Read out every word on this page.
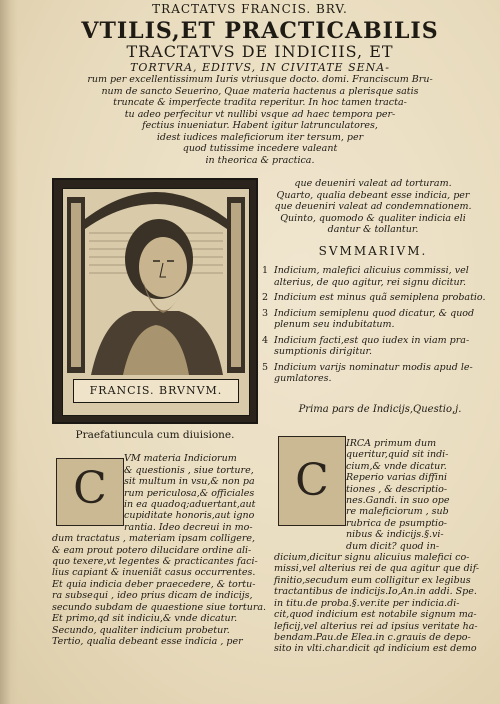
TRACTATVS FRANCIS. BRV.
VTILIS,ET PRACTICABILIS
TRACTATVS DE INDICIIS, ET
TORTVRA, EDITVS, IN CIVITATE SENA-
rum per excellentissimum Iuris vtriusque docto. domi. Franciscum Bru-
num de sancto Seuerino, Quae materia hactenus a plerisque satis
truncate & imperfecte tradita reperitur. In hoc tamen tracta-
tu adeo perfecitur vt nullibi vsque ad haec tempora per-
fectius inueniatur. Habent igitur latrunculatores,
idest iudices maleficiorum iter tersum, per
quod tutissime incedere valeant
in theorica & practica.
FRANCIS. BRVNVM.
que deueniri valeat ad torturam.
Quarto, qualia debeant esse indicia, per
que deueniri valeat ad condemnationem.
Quinto, quomodo & qualiter indicia eli
dantur & tollantur.
SVMMARIVM.
1 Indicium, malefici alicuius commissi, vel
alterius, de quo agitur, rei signu dicitur.
2 Indicium est minus quã semiplena probatio.
3 Indicium semiplenu quod dicatur, & quod
plenum seu indubitatum.
4 Indicium facti,est quo iudex in viam pra-
sumptionis dirigitur.
5 Indicium varijs nominatur modis apud le-
gumlatores.
Prima pars de Indicijs,Questio,j.
Praefatiuncula cum diuisione.
VM materia Indiciorum
& questionis , siue torture,
sit multum in vsu,& non pa
rum periculosa,& officiales
in ea quadoq;aduertant,aut
cupiditate honoris,aut igno
rantia. Ideo decreui in mo-
dum tractatus , materiam ipsam colligere,
& eam prout potero dilucidare ordine ali-
quo texere,vt legentes & practicantes faci-
lius capiant & inueniãt casus occurrentes.
Et quia indicia deber praecedere, & tortu-
ra subsequi , ideo prius dicam de indicijs,
secundo subdam de quaestione siue tortura.
Et primo,qd sit indiciu,& vnde dicatur.
Secundo, qualiter indicium probetur.
Tertio, qualia debeant esse indicia , per
C
IRCA primum dum
queritur,quid sit indi-
cium,& vnde dicatur.
Reperio varias diffini
tiones , & descriptio-
nes.Gandi. in suo ope
re maleficiorum , sub
rubrica de psumptio-
nibus & indicijs.§.vi-
dum dicit? quod in-
dicium,dicitur signu alicuius malefici co-
missi,vel alterius rei de qua agitur que dif-
finitio,secudum eum colligitur ex legibus
tractantibus de indicijs.Io,An.in addi. Spe.
in titu.de proba.§.ver.ite per indicia.di-
cit,quod indicium est notabile signum ma-
leficij,vel alterius rei ad ipsius veritate ha-
bendam.Pau.de Elea.in c.grauis de depo-
sito in vlti.char.dicit qd indicium est demo
C
